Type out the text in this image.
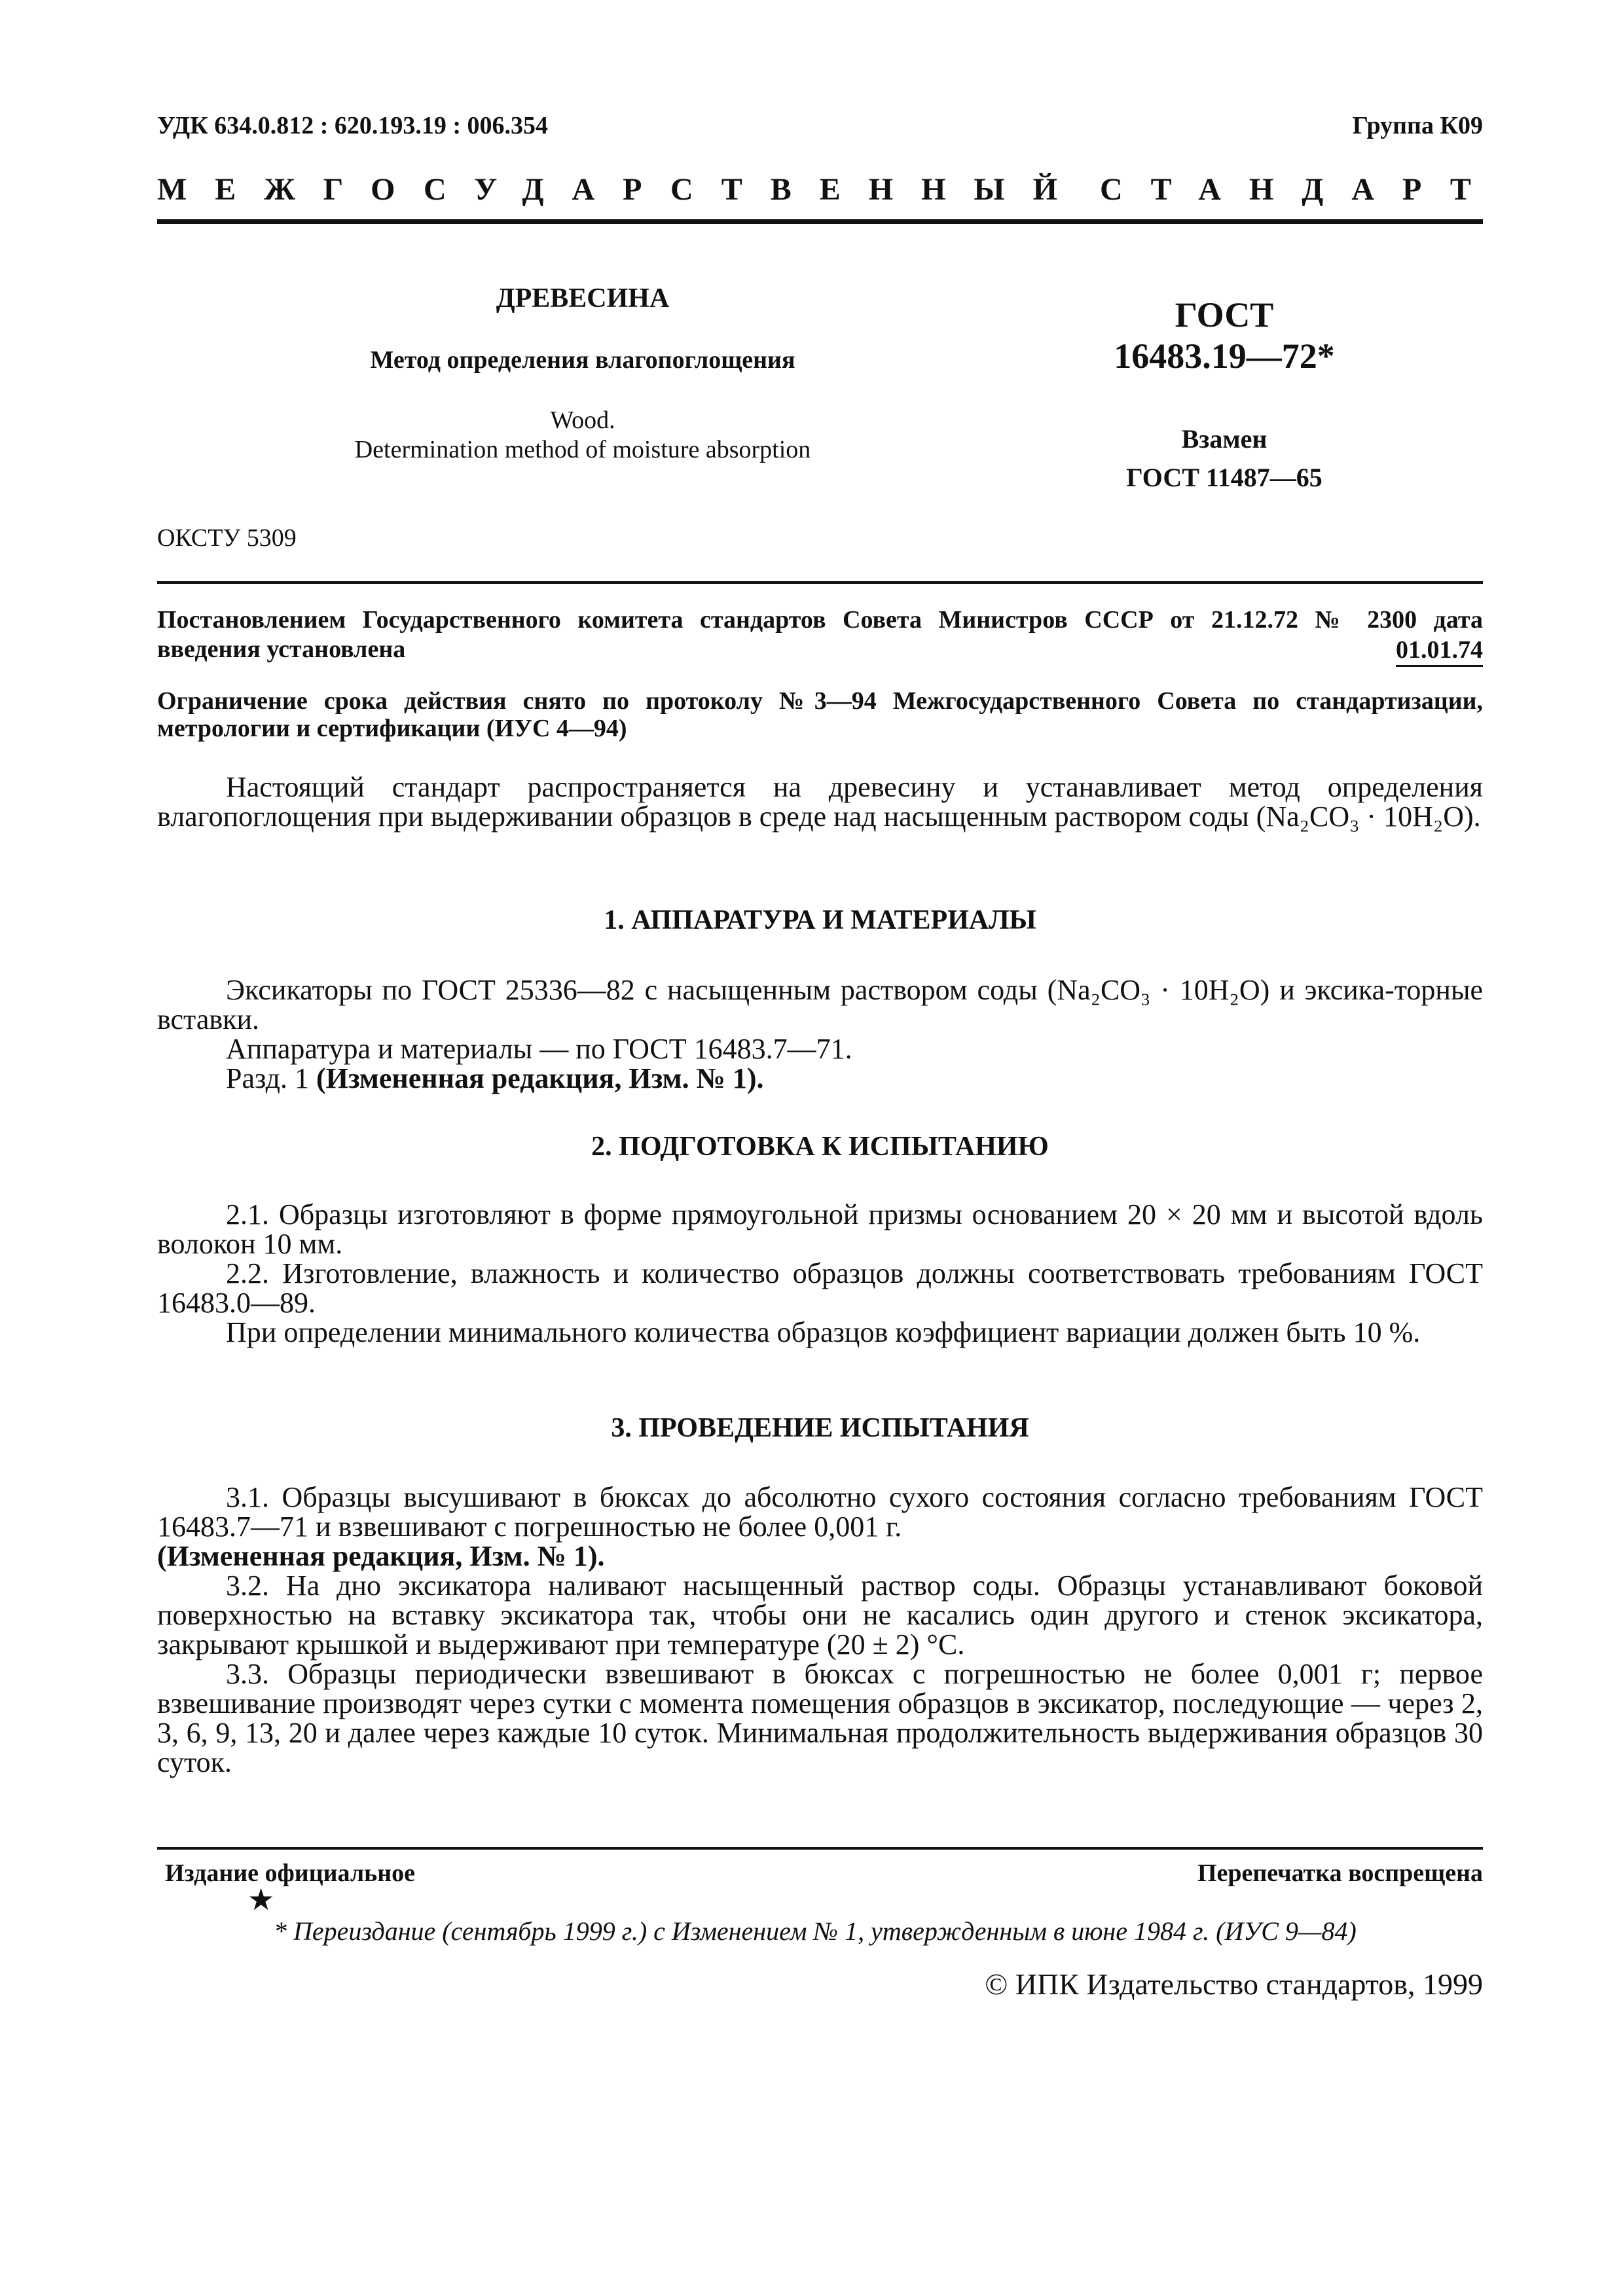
УДК 634.0.812 : 620.193.19 : 006.354	Группа К09
МЕЖГОСУДАРСТВЕННЫЙ СТАНДАРТ
ДРЕВЕСИНА
Метод определения влагопоглощения
Wood.
Determination method of moisture absorption
ГОСТ
16483.19—72*
Взамен
ГОСТ 11487—65
ОКСТУ 5309
Постановлением Государственного комитета стандартов Совета Министров СССР от 21.12.72 № 2300 дата
введения установлена	01.01.74
Ограничение срока действия снято по протоколу №3—94 Межгосударственного Совета по стандартизации, метрологии и сертификации (ИУС 4—94)
Настоящий стандарт распространяется на древесину и устанавливает метод определения влагопоглощения при выдерживании образцов в среде над насыщенным раствором соды (Na₂CO₃ · 10H₂O).
1. АППАРАТУРА И МАТЕРИАЛЫ
Эксикаторы по ГОСТ 25336—82 с насыщенным раствором соды (Na₂CO₃ · 10H₂O) и эксика-торные вставки.
Аппаратура и материалы — по ГОСТ 16483.7—71.
Разд. 1 (Измененная редакция, Изм. № 1).
2. ПОДГОТОВКА К ИСПЫТАНИЮ
2.1. Образцы изготовляют в форме прямоугольной призмы основанием 20 × 20 мм и высотой вдоль волокон 10 мм.
2.2. Изготовление, влажность и количество образцов должны соответствовать требованиям ГОСТ 16483.0—89.
При определении минимального количества образцов коэффициент вариации должен быть 10 %.
3. ПРОВЕДЕНИЕ ИСПЫТАНИЯ
3.1. Образцы высушивают в бюксах до абсолютно сухого состояния согласно требованиям ГОСТ 16483.7—71 и взвешивают с погрешностью не более 0,001 г.
(Измененная редакция, Изм. № 1).
3.2. На дно эксикатора наливают насыщенный раствор соды. Образцы устанавливают боковой поверхностью на вставку эксикатора так, чтобы они не касались один другого и стенок эксикатора, закрывают крышкой и выдерживают при температуре (20 ± 2) °С.
3.3. Образцы периодически взвешивают в бюксах с погрешностью не более 0,001 г; первое взвешивание производят через сутки с момента помещения образцов в эксикатор, последующие — через 2, 3, 6, 9, 13, 20 и далее через каждые 10 суток. Минимальная продолжительность выдерживания образцов 30 суток.
Издание официальное	Перепечатка воспрещена
★
* Переиздание (сентябрь 1999 г.) с Изменением № 1, утвержденным в июне 1984 г. (ИУС 9—84)
© ИПК Издательство стандартов, 1999
